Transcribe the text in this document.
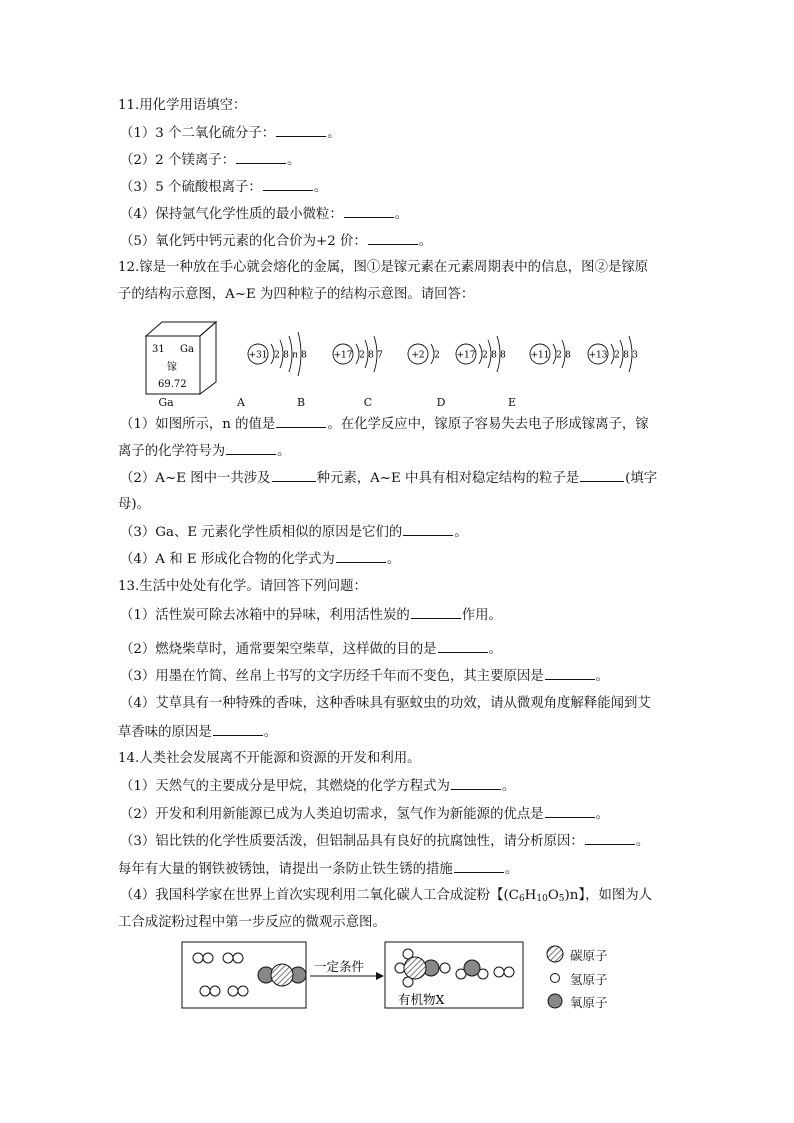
11.用化学用语填空：
（1）3 个二氧化硫分子：	。
（2）2 个镁离子：	。
（3）5 个硫酸根离子：	。
（4）保持氩气化学性质的最小微粒：	。
（5）氧化钙中钙元素的化合价为+2 价：	。
12.镓是一种放在手心就会熔化的金属，图①是镓元素在元素周期表中的信息，图②是镓原
子的结构示意图，A~E 为四种粒子的结构示意图。请回答：
31 Ga
镓
69.72
+31 2 8 n 8	+17 2 8 7	+2 2 +17 2 8 8	+11 2 8 +13 2 8 3
Ga	A	B	C	D	E
（1）如图所示，n 的值是	。在化学反应中，镓原子容易失去电子形成镓离子，镓
离子的化学符号为	。
（2）A~E 图中一共涉及	种元素，A~E 中具有相对稳定结构的粒子是	(填字
母)。
（3）Ga、E 元素化学性质相似的原因是它们的	。
（4）A 和 E 形成化合物的化学式为	。
13.生活中处处有化学。请回答下列问题：
（1）活性炭可除去冰箱中的异味，利用活性炭的	作用。
（2）燃烧柴草时，通常要架空柴草，这样做的目的是	。
（3）用墨在竹简、丝帛上书写的文字历经千年而不变色，其主要原因是	。
（4）艾草具有一种特殊的香味，这种香味具有驱蚊虫的功效，请从微观角度解释能闻到艾
草香味的原因是	。
14.人类社会发展离不开能源和资源的开发和利用。
（1）天然气的主要成分是甲烷，其燃烧的化学方程式为	。
（2）开发和利用新能源已成为人类迫切需求，氢气作为新能源的优点是	。
（3）铝比铁的化学性质要活泼，但铝制品具有良好的抗腐蚀性，请分析原因：	。
每年有大量的钢铁被锈蚀，请提出一条防止铁生锈的措施	。
（4）我国科学家在世界上首次实现利用二氧化碳人工合成淀粉【$(C_6H_{10}O_5)n$】，如图为人
工合成淀粉过程中第一步反应的微观示意图。
一定条件
有机物X
碳原子
氢原子
氧原子
